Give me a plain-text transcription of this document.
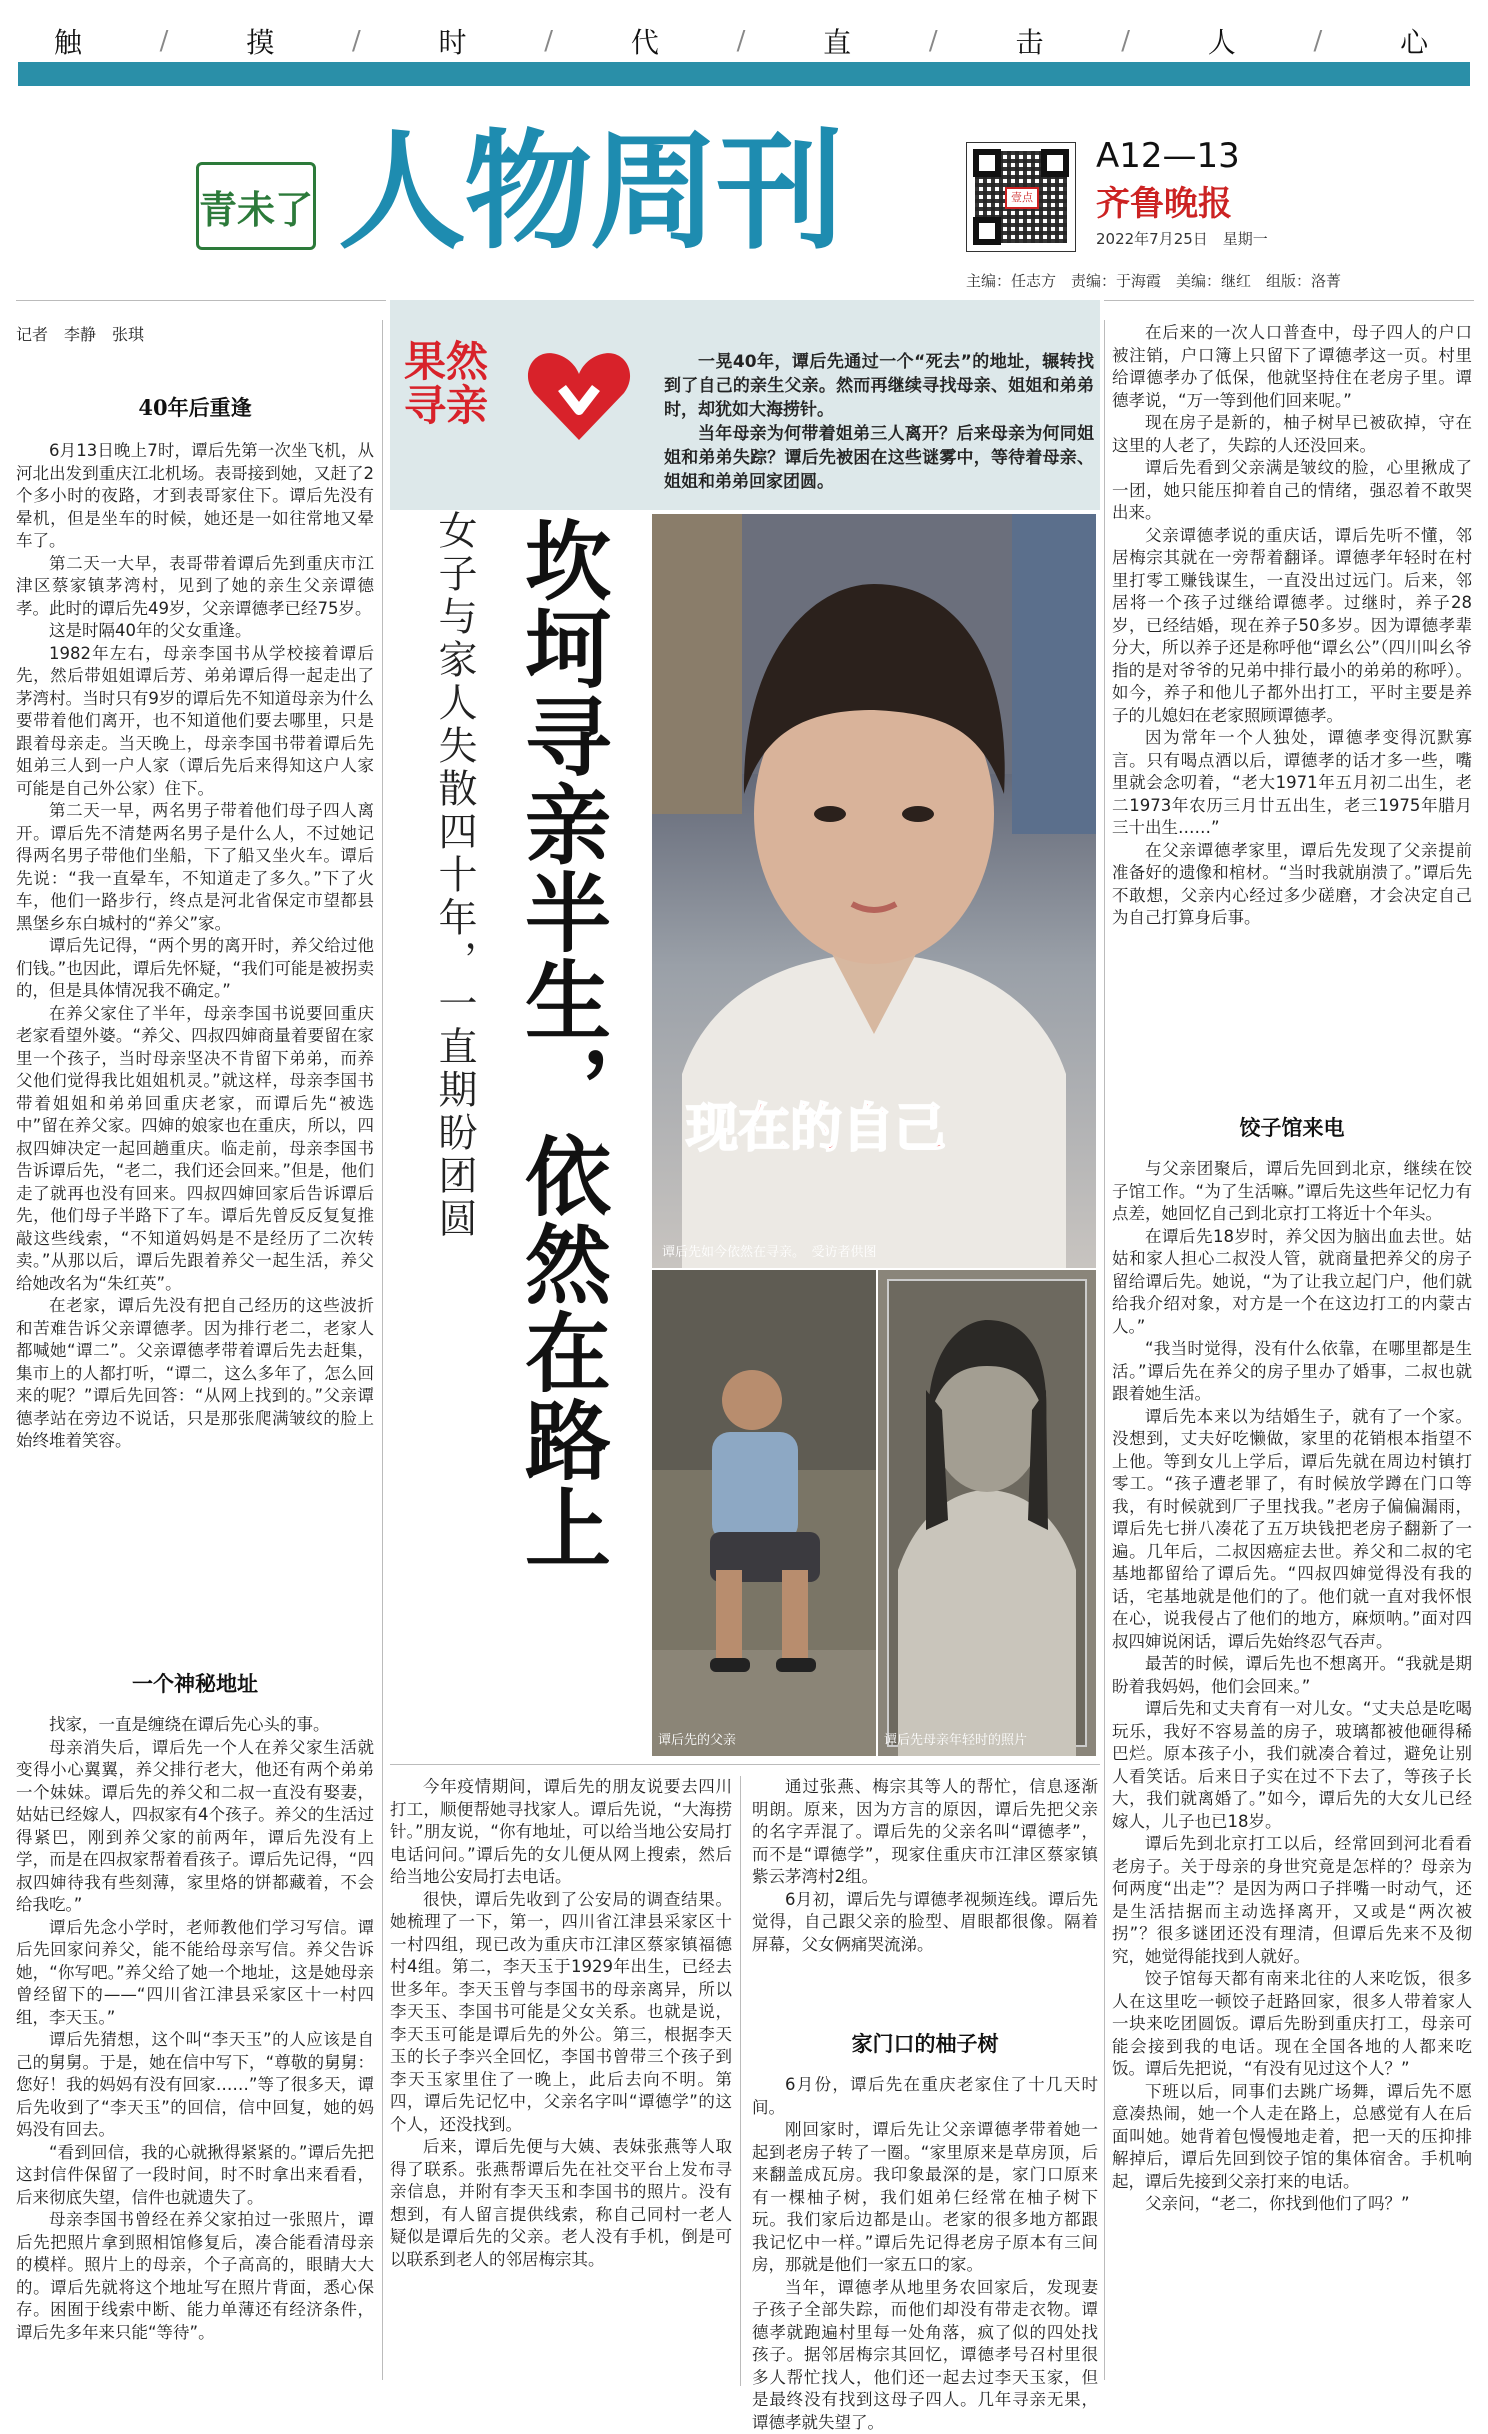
触	/	摸	/	时	/	代	/	直	/	击	/	人	/	心
青未了 人物周刊	壹点
A12—13
齐鲁晚报
2022年7月25日　星期一
主编：任志方　责编：于海霞　美编：继红　组版：洛菁
记者　李静　张琪
40年后重逢

6月13日晚上7时，谭后先第一次坐飞机，从河北出发到重庆江北机场。表哥接到她，又赶了2个多小时的夜路，才到表哥家住下。谭后先没有晕机，但是坐车的时候，她还是一如往常地又晕车了。

第二天一大早，表哥带着谭后先到重庆市江津区蔡家镇茅湾村，见到了她的亲生父亲谭德孝。此时的谭后先49岁，父亲谭德孝已经75岁。

这是时隔40年的父女重逢。

1982年左右，母亲李国书从学校接着谭后先，然后带姐姐谭后芳、弟弟谭后得一起走出了茅湾村。当时只有9岁的谭后先不知道母亲为什么要带着他们离开，也不知道他们要去哪里，只是跟着母亲走。当天晚上，母亲李国书带着谭后先姐弟三人到一户人家（谭后先后来得知这户人家可能是自己外公家）住下。

第二天一早，两名男子带着他们母子四人离开。谭后先不清楚两名男子是什么人，不过她记得两名男子带他们坐船，下了船又坐火车。谭后先说：“我一直晕车，不知道走了多久。”下了火车，他们一路步行，终点是河北省保定市望都县黑堡乡东白城村的“养父”家。

谭后先记得，“两个男的离开时，养父给过他们钱。”也因此，谭后先怀疑，“我们可能是被拐卖的，但是具体情况我不确定。”

在养父家住了半年，母亲李国书说要回重庆老家看望外婆。“养父、四叔四婶商量着要留在家里一个孩子，当时母亲坚决不肯留下弟弟，而养父他们觉得我比姐姐机灵。”就这样，母亲李国书带着姐姐和弟弟回重庆老家，而谭后先“被选中”留在养父家。四婶的娘家也在重庆，所以，四叔四婶决定一起回趟重庆。临走前，母亲李国书告诉谭后先，“老二，我们还会回来。”但是，他们走了就再也没有回来。四叔四婶回家后告诉谭后先，他们母子半路下了车。谭后先曾反反复复推敲这些线索，“不知道妈妈是不是经历了二次转卖。”从那以后，谭后先跟着养父一起生活，养父给她改名为“朱红英”。

在老家，谭后先没有把自己经历的这些波折和苦难告诉父亲谭德孝。因为排行老二，老家人都喊她“谭二”。父亲谭德孝带着谭后先去赶集，集市上的人都打听，“谭二，这么多年了，怎么回来的呢？”谭后先回答：“从网上找到的。”父亲谭德孝站在旁边不说话，只是那张爬满皱纹的脸上始终堆着笑容。

一个神秘地址

找家，一直是缠绕在谭后先心头的事。

母亲消失后，谭后先一个人在养父家生活就变得小心翼翼，养父排行老大，他还有两个弟弟一个妹妹。谭后先的养父和二叔一直没有娶妻，姑姑已经嫁人，四叔家有4个孩子。养父的生活过得紧巴，刚到养父家的前两年，谭后先没有上学，而是在四叔家帮着看孩子。谭后先记得，“四叔四婶待我有些刻薄，家里烙的饼都藏着，不会给我吃。”

谭后先念小学时，老师教他们学习写信。谭后先回家问养父，能不能给母亲写信。养父告诉她，“你写吧。”养父给了她一个地址，这是她母亲曾经留下的——“四川省江津县采家区十一村四组，李天玉。”

谭后先猜想，这个叫“李天玉”的人应该是自己的舅舅。于是，她在信中写下，“尊敬的舅舅：您好！我的妈妈有没有回家……”等了很多天，谭后先收到了“李天玉”的回信，信中回复，她的妈妈没有回去。

“看到回信，我的心就揪得紧紧的。”谭后先把这封信件保留了一段时间，时不时拿出来看看，后来彻底失望，信件也就遗失了。

母亲李国书曾经在养父家拍过一张照片，谭后先把照片拿到照相馆修复后，凑合能看清母亲的模样。照片上的母亲，个子高高的，眼睛大大的。谭后先就将这个地址写在照片背面，悉心保存。困囿于线索中断、能力单薄还有经济条件，谭后先多年来只能“等待”。

果然
寻亲

一晃40年，谭后先通过一个“死去”的地址，辗转找到了自己的亲生父亲。然而再继续寻找母亲、姐姐和弟弟时，却犹如大海捞针。

当年母亲为何带着姐弟三人离开？后来母亲为何同姐姐和弟弟失踪？谭后先被困在这些谜雾中，等待着母亲、姐姐和弟弟回家团圆。

女子与家人失散四十年，一直期盼团圆 坎坷寻亲半生，依然在路上 现在的自己
谭后先如今依然在寻亲。　受访者供图
谭后先的父亲	谭后先母亲年轻时的照片

今年疫情期间，谭后先的朋友说要去四川打工，顺便帮她寻找家人。谭后先说，“大海捞针。”朋友说，“你有地址，可以给当地公安局打电话问问。”谭后先的女儿便从网上搜索，然后给当地公安局打去电话。

很快，谭后先收到了公安局的调查结果。她梳理了一下，第一，四川省江津县采家区十一村四组，现已改为重庆市江津区蔡家镇福德村4组。第二，李天玉于1929年出生，已经去世多年。李天玉曾与李国书的母亲离异，所以李天玉、李国书可能是父女关系。也就是说，李天玉可能是谭后先的外公。第三，根据李天玉的长子李兴全回忆，李国书曾带三个孩子到李天玉家里住了一晚上，此后去向不明。第四，谭后先记忆中，父亲名字叫“谭德学”的这个人，还没找到。

后来，谭后先便与大姨、表妹张燕等人取得了联系。张燕帮谭后先在社交平台上发布寻亲信息，并附有李天玉和李国书的照片。没有想到，有人留言提供线索，称自己同村一老人疑似是谭后先的父亲。老人没有手机，倒是可以联系到老人的邻居梅宗其。

通过张燕、梅宗其等人的帮忙，信息逐渐明朗。原来，因为方言的原因，谭后先把父亲的名字弄混了。谭后先的父亲名叫“谭德孝”，而不是“谭德学”，现家住重庆市江津区蔡家镇紫云茅湾村2组。

6月初，谭后先与谭德孝视频连线。谭后先觉得，自己跟父亲的脸型、眉眼都很像。隔着屏幕，父女俩痛哭流涕。

家门口的柚子树

6月份，谭后先在重庆老家住了十几天时间。

刚回家时，谭后先让父亲谭德孝带着她一起到老房子转了一圈。“家里原来是草房顶，后来翻盖成瓦房。我印象最深的是，家门口原来有一棵柚子树，我们姐弟仨经常在柚子树下玩。我们家后边都是山。老家的很多地方都跟我记忆中一样。”谭后先记得老房子原本有三间房，那就是他们一家五口的家。

当年，谭德孝从地里务农回家后，发现妻子孩子全部失踪，而他们却没有带走衣物。谭德孝就跑遍村里每一处角落，疯了似的四处找孩子。据邻居梅宗其回忆，谭德孝号召村里很多人帮忙找人，他们还一起去过李天玉家，但是最终没有找到这母子四人。几年寻亲无果，谭德孝就失望了。

在后来的一次人口普查中，母子四人的户口被注销，户口簿上只留下了谭德孝这一页。村里给谭德孝办了低保，他就坚持住在老房子里。谭德孝说，“万一等到他们回来呢。”

现在房子是新的，柚子树早已被砍掉，守在这里的人老了，失踪的人还没回来。

谭后先看到父亲满是皱纹的脸，心里揪成了一团，她只能压抑着自己的情绪，强忍着不敢哭出来。

父亲谭德孝说的重庆话，谭后先听不懂，邻居梅宗其就在一旁帮着翻译。谭德孝年轻时在村里打零工赚钱谋生，一直没出过远门。后来，邻居将一个孩子过继给谭德孝。过继时，养子28岁，已经结婚，现在养子50多岁。因为谭德孝辈分大，所以养子还是称呼他“谭幺公”（四川叫幺爷指的是对爷爷的兄弟中排行最小的弟弟的称呼）。如今，养子和他儿子都外出打工，平时主要是养子的儿媳妇在老家照顾谭德孝。

因为常年一个人独处，谭德孝变得沉默寡言。只有喝点酒以后，谭德孝的话才多一些，嘴里就会念叨着，“老大1971年五月初二出生，老二1973年农历三月廿五出生，老三1975年腊月三十出生……”

在父亲谭德孝家里，谭后先发现了父亲提前准备好的遗像和棺材。“当时我就崩溃了。”谭后先不敢想，父亲内心经过多少磋磨，才会决定自己为自己打算身后事。

饺子馆来电

与父亲团聚后，谭后先回到北京，继续在饺子馆工作。“为了生活嘛。”谭后先这些年记忆力有点差，她回忆自己到北京打工将近十个年头。

在谭后先18岁时，养父因为脑出血去世。姑姑和家人担心二叔没人管，就商量把养父的房子留给谭后先。她说，“为了让我立起门户，他们就给我介绍对象，对方是一个在这边打工的内蒙古人。”

“我当时觉得，没有什么依靠，在哪里都是生活。”谭后先在养父的房子里办了婚事，二叔也就跟着她生活。

谭后先本来以为结婚生子，就有了一个家。没想到，丈夫好吃懒做，家里的花销根本指望不上他。等到女儿上学后，谭后先就在周边村镇打零工。“孩子遭老罪了，有时候放学蹲在门口等我，有时候就到厂子里找我。”老房子偏偏漏雨，谭后先七拼八凑花了五万块钱把老房子翻新了一遍。几年后，二叔因癌症去世。养父和二叔的宅基地都留给了谭后先。“四叔四婶觉得没有我的话，宅基地就是他们的了。他们就一直对我怀恨在心，说我侵占了他们的地方，麻烦呐。”面对四叔四婶说闲话，谭后先始终忍气吞声。

最苦的时候，谭后先也不想离开。“我就是期盼着我妈妈，他们会回来。”

谭后先和丈夫育有一对儿女。“丈夫总是吃喝玩乐，我好不容易盖的房子，玻璃都被他砸得稀巴烂。原本孩子小，我们就凑合着过，避免让别人看笑话。后来日子实在过不下去了，等孩子长大，我们就离婚了。”如今，谭后先的大女儿已经嫁人，儿子也已18岁。

谭后先到北京打工以后，经常回到河北看看老房子。关于母亲的身世究竟是怎样的？母亲为何两度“出走”？是因为两口子拌嘴一时动气，还是生活拮据而主动选择离开，又或是“两次被拐”？很多谜团还没有理清，但谭后先来不及彻究，她觉得能找到人就好。

饺子馆每天都有南来北往的人来吃饭，很多人在这里吃一顿饺子赶路回家，很多人带着家人一块来吃团圆饭。谭后先盼到重庆打工，母亲可能会接到我的电话。现在全国各地的人都来吃饭。谭后先把说，“有没有见过这个人？”

下班以后，同事们去跳广场舞，谭后先不愿意凑热闹，她一个人走在路上，总感觉有人在后面叫她。她背着包慢慢地走着，把一天的压抑排解掉后，谭后先回到饺子馆的集体宿舍。手机响起，谭后先接到父亲打来的电话。

父亲问，“老二，你找到他们了吗？”
